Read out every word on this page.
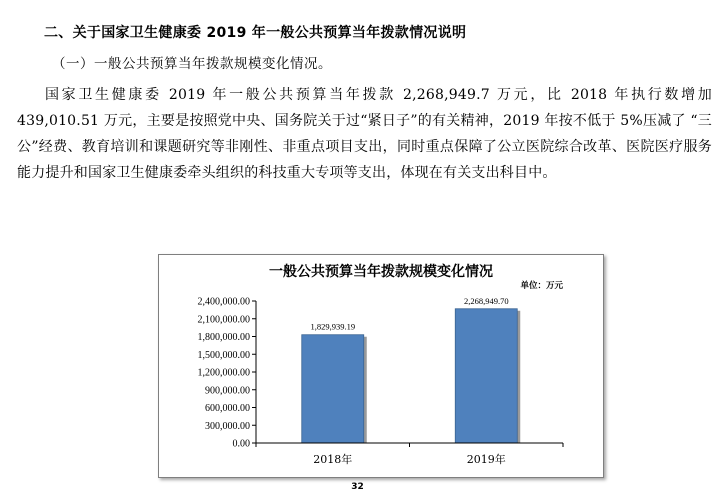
二、关于国家卫生健康委 2019 年一般公共预算当年拨款情况说明

（一）一般公共预算当年拨款规模变化情况。

国家卫生健康委 2019 年一般公共预算当年拨款 2,268,949.7 万元，比 2018 年执行数增加 439,010.51 万元，主要是按照党中央、国务院关于过“紧日子”的有关精神，2019 年按不低于 5%压减了 “三公”经费、教育培训和课题研究等非刚性、非重点项目支出，同时重点保障了公立医院综合改革、医院医疗服务能力提升和国家卫生健康委牵头组织的科技重大专项等支出，体现在有关支出科目中。

一般公共预算当年拨款规模变化情况
单位：万元
2,400,000.00
2,100,000.00
1,800,000.00
1,500,000.00
1,200,000.00
900,000.00
600,000.00
300,000.00
0.00
1,829,939.19
2,268,949.70
2018年	2019年
32
